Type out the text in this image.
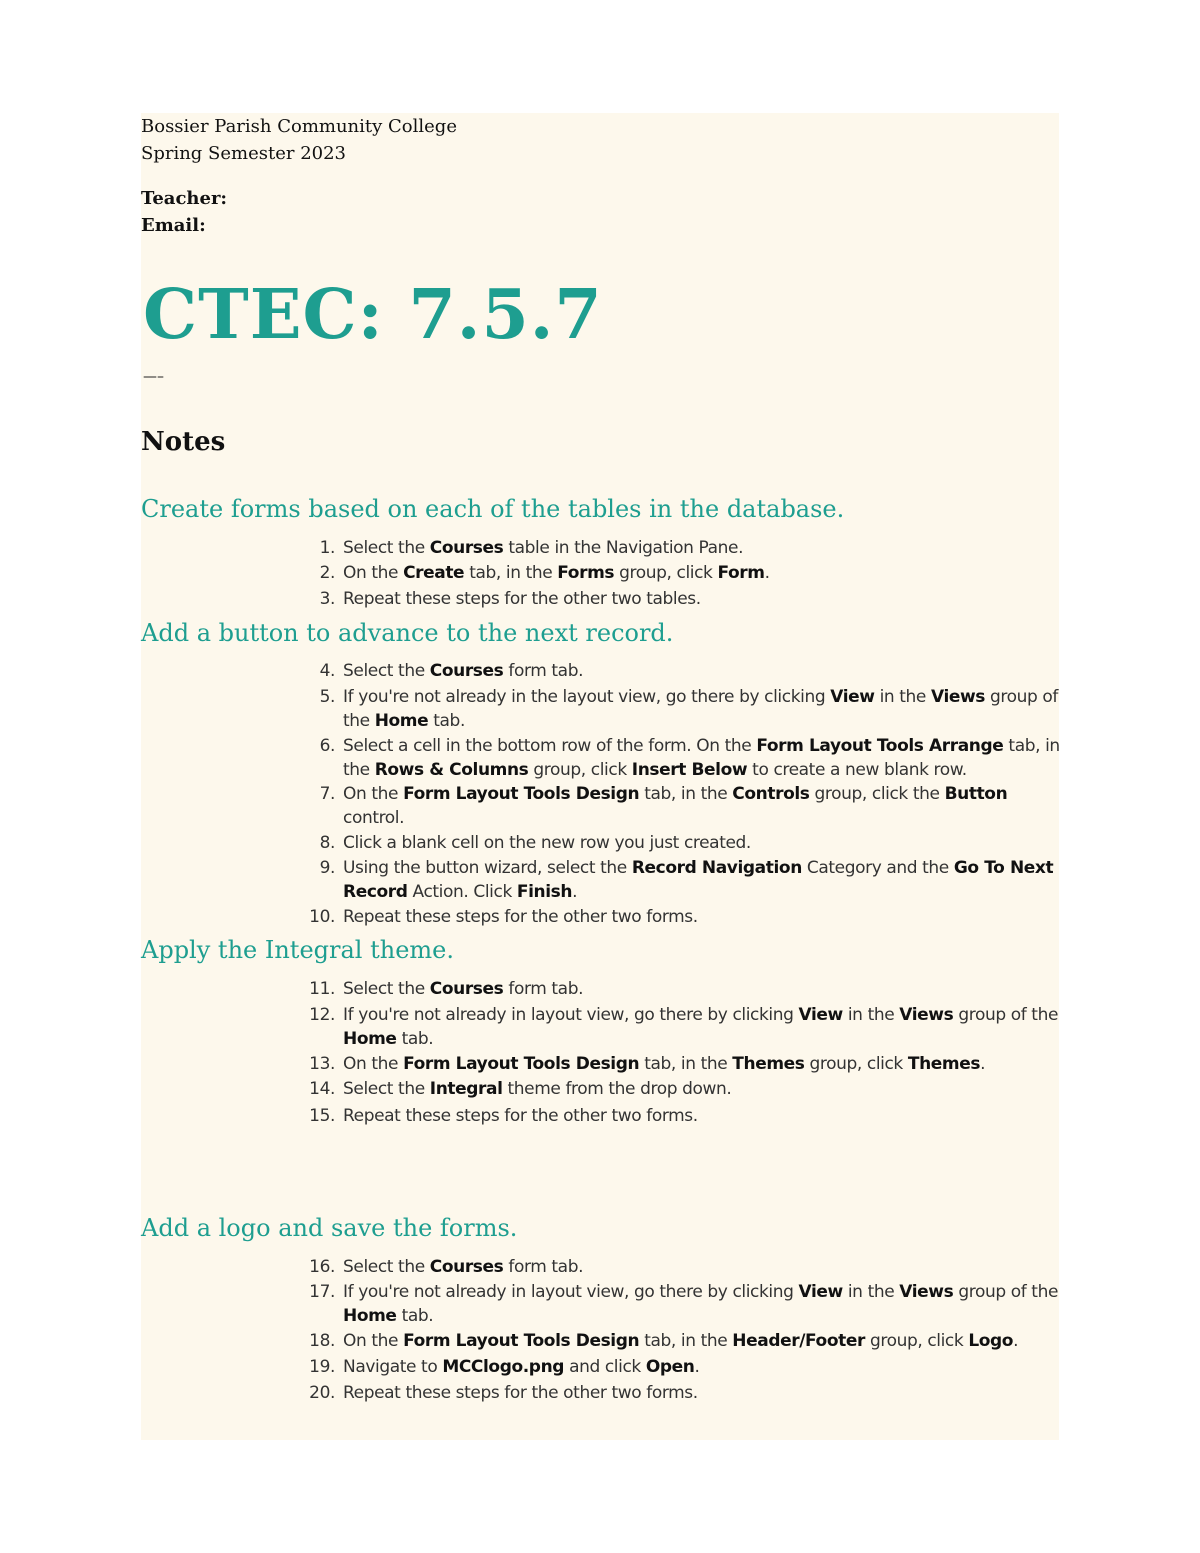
Bossier Parish Community College
Spring Semester 2023
Teacher:
Email:
CTEC: 7.5.7
—–
Notes
Create forms based on each of the tables in the database.
1. Select the Courses table in the Navigation Pane.
2. On the Create tab, in the Forms group, click Form.
3. Repeat these steps for the other two tables.
Add a button to advance to the next record.
4. Select the Courses form tab.
5. If you're not already in the layout view, go there by clicking View in the Views group of the Home tab.
6. Select a cell in the bottom row of the form. On the Form Layout Tools Arrange tab, in the Rows & Columns group, click Insert Below to create a new blank row.
7. On the Form Layout Tools Design tab, in the Controls group, click the Button control.
8. Click a blank cell on the new row you just created.
9. Using the button wizard, select the Record Navigation Category and the Go To Next Record Action. Click Finish.
10. Repeat these steps for the other two forms.
Apply the Integral theme.
11. Select the Courses form tab.
12. If you're not already in layout view, go there by clicking View in the Views group of the Home tab.
13. On the Form Layout Tools Design tab, in the Themes group, click Themes.
14. Select the Integral theme from the drop down.
15. Repeat these steps for the other two forms.
Add a logo and save the forms.
16. Select the Courses form tab.
17. If you're not already in layout view, go there by clicking View in the Views group of the Home tab.
18. On the Form Layout Tools Design tab, in the Header/Footer group, click Logo.
19. Navigate to MCClogo.png and click Open.
20. Repeat these steps for the other two forms.
